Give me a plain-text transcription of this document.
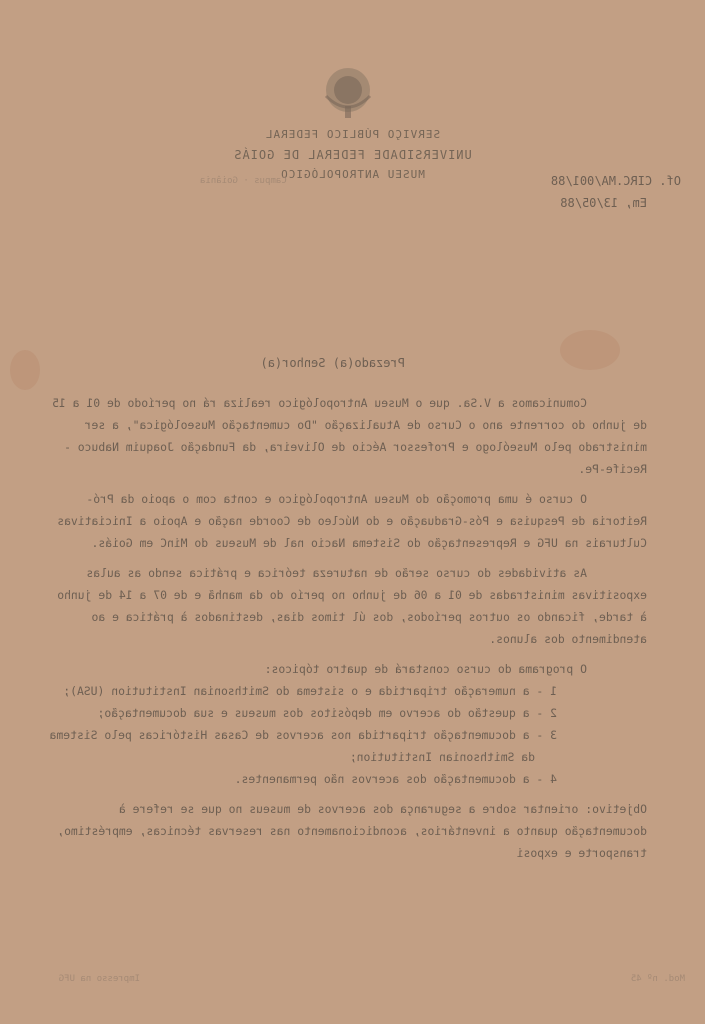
SERVIÇO PÚBLICO FEDERAL
UNIVERSIDADE FEDERAL DE GOIÁS
MUSEU ANTROPOLÓGICO
Campus · Goiânia	Of. CIRC.MA/001/88
Em, 13/05/88
Prezado(a) Senhor(a)

Comunicamos a V.Sa. que o Museu Antropológico realiza rá no período de 01 a 15 de junho do corrente ano o Curso de Atualização "Do cumentação Museológica", a ser ministrado pelo Museólogo e Professor Aécio de Oliveira, da Fundação Joaquim Nabuco - Recife-Pe.

O curso é uma promoção do Museu Antropológico e conta com o apoio da Pró-Reitoria de Pesquisa e Pós-Graduação e do Núcleo de Coorde nação e Apoio a Iniciativas Culturais na UFG e Representação do Sistema Nacio nal de Museus do MinC em Goiás.

As atividades do curso serão de natureza teórica e prática sendo as aulas expositivas ministradas de 01 a 06 de junho no perío do da manhã e de 07 a 14 de junho à tarde, ficando os outros períodos, dos úl timos dias, destinados à prática e ao atendimento dos alunos.

O programa do curso constará de quatro tópicos:

1 - a numeração tripartida e o sistema do Smithsonian Institution (USA);

2 - a questão do acervo em depósitos dos museus e sua documentação;

3 - a documentação tripartida nos acervos de Casas Históricas pelo Sistema da Smithsonian Institution;

4 - a documentação dos acervos não permanentes.

Objetivo: orientar sobre a segurança dos acervos de museus no que se refere à documentação quanto a inventários, acondicionamento nas reservas técnicas, empréstimo, transporte e exposi

Mod. nº 45
Impresso na UFG
